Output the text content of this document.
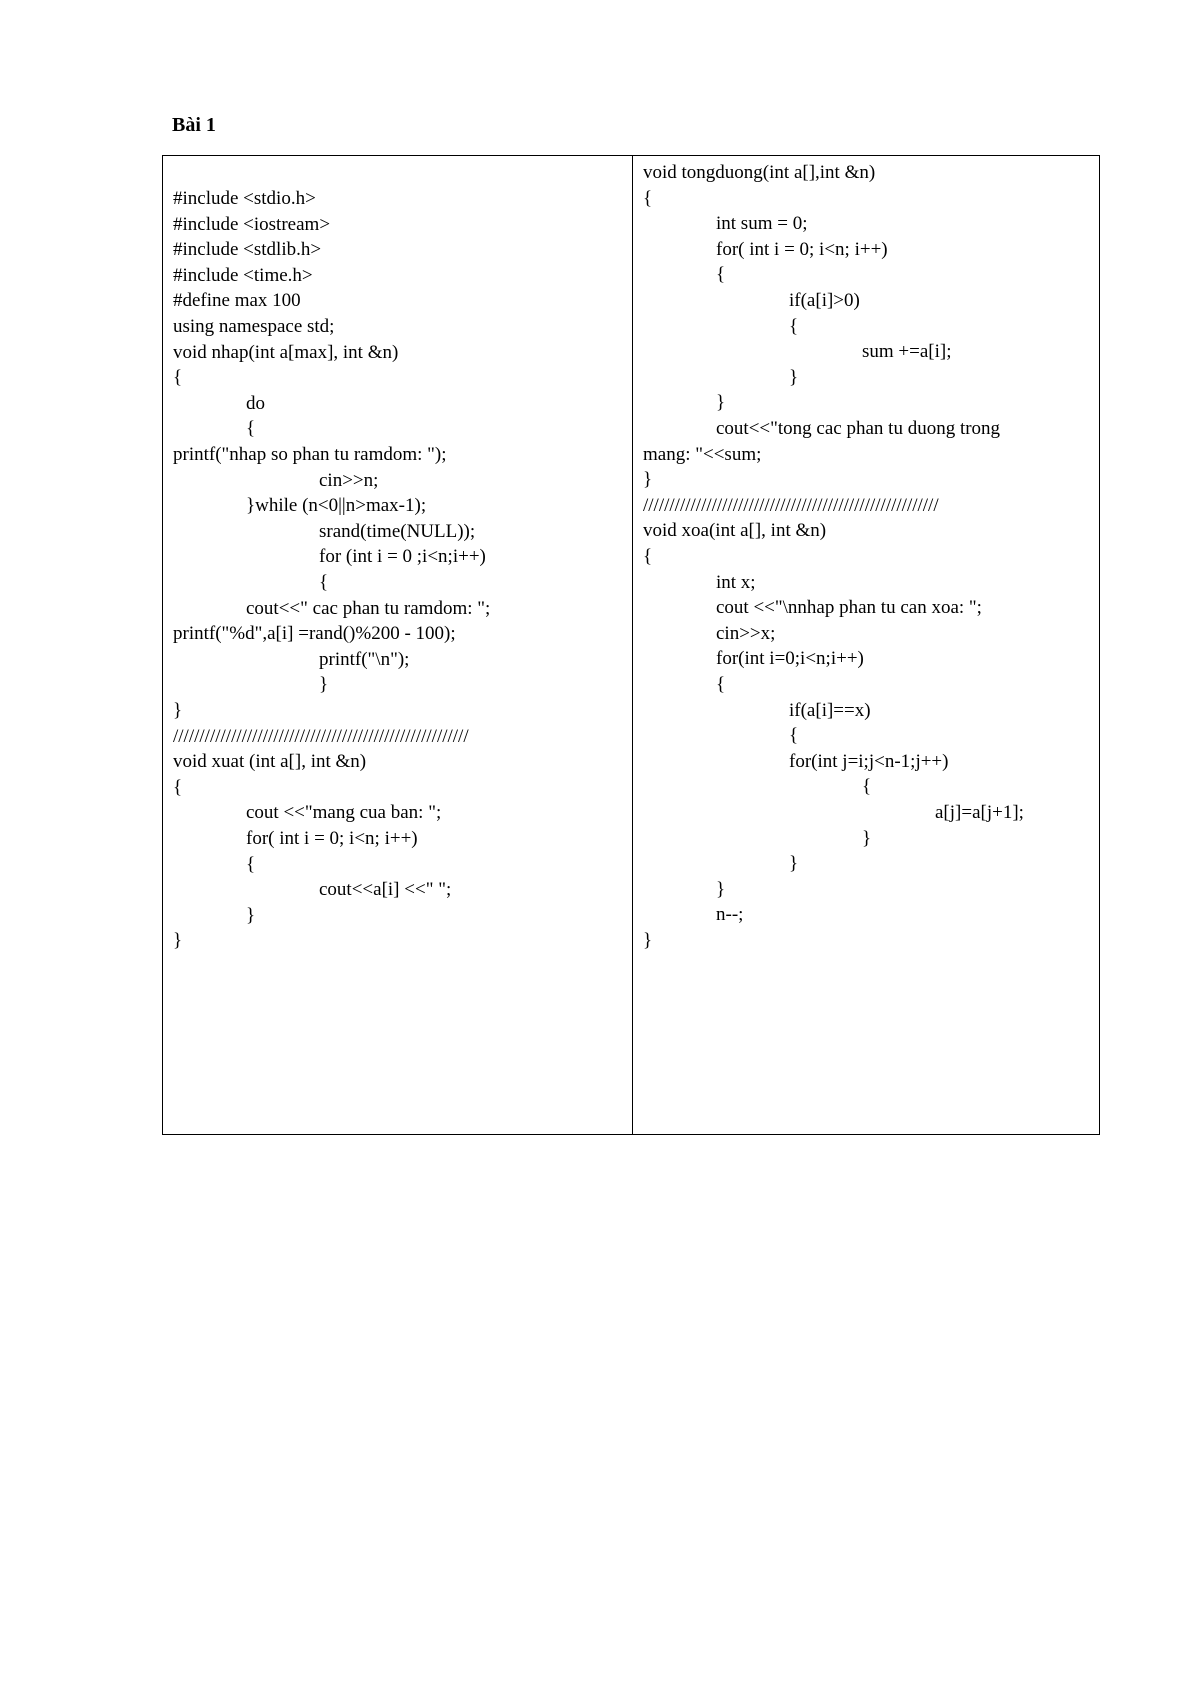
Bài 1
#include <stdio.h>
#include <iostream>
#include <stdlib.h>
#include <time.h>
#define max 100
using namespace std;
void nhap(int a[max], int &n)
{
do
{
printf("nhap so phan tu ramdom: ");
cin>>n;
}while (n<0||n>max-1);
srand(time(NULL));
for (int i = 0 ;i<n;i++)
{
cout<<" cac phan tu ramdom: ";
printf("%d",a[i] =rand()%200 - 100);
printf("\n");
}
}
////////////////////////////////////////////////////////
void xuat (int a[], int &n)
{
cout <<"mang cua ban: ";
for( int i = 0; i<n; i++)
{
cout<<a[i] <<" ";
}
}
void tongduong(int a[],int &n)
{
int sum = 0;
for( int i = 0; i<n; i++)
{
if(a[i]>0)
{
sum +=a[i];
}
}
cout<<"tong cac phan tu duong trong
mang: "<<sum;
}
////////////////////////////////////////////////////////
void xoa(int a[], int &n)
{
int x;
cout <<"\nnhap phan tu can xoa: ";
cin>>x;
for(int i=0;i<n;i++)
{
if(a[i]==x)
{
for(int j=i;j<n-1;j++)
{
a[j]=a[j+1];
}
}
}
n--;
}
